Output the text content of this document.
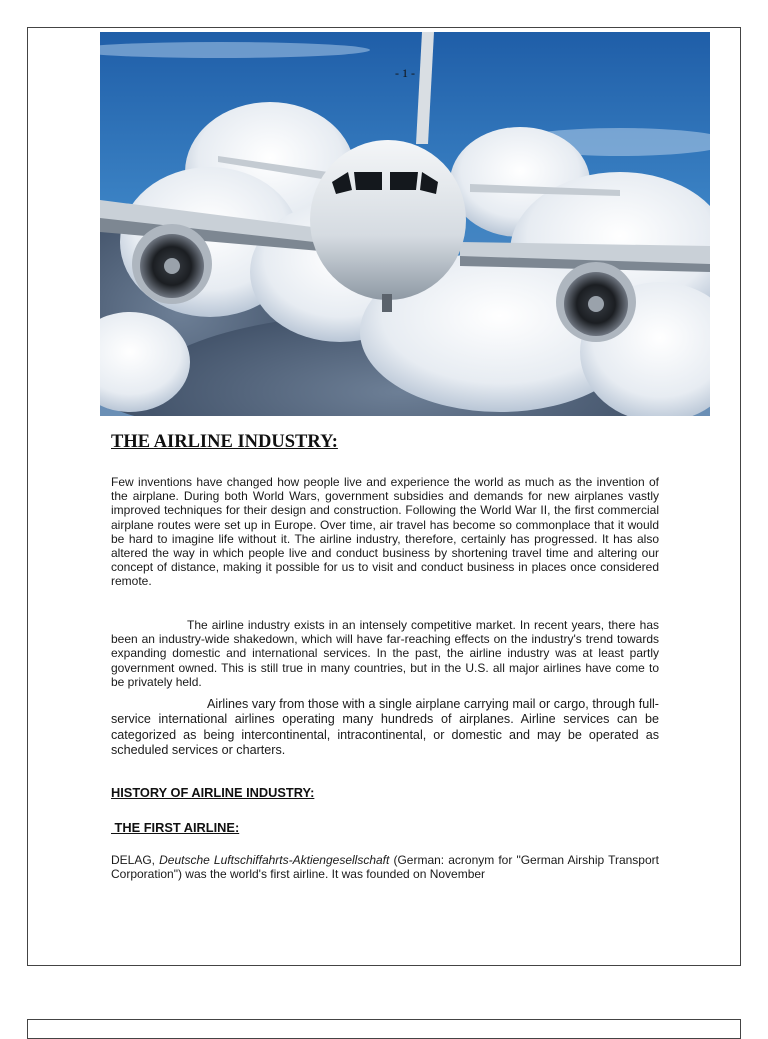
- 1 -
THE AIRLINE INDUSTRY:

Few inventions have changed how people live and experience the world as much as the invention of the airplane. During both World Wars, government subsidies and demands for new airplanes vastly improved techniques for their design and construction. Following the World War II, the first commercial airplane routes were set up in Europe. Over time, air travel has become so commonplace that it would be hard to imagine life without it. The airline industry, therefore, certainly has progressed. It has also altered the way in which people live and conduct business by shortening travel time and altering our concept of distance, making it possible for us to visit and conduct business in places once considered remote.

The airline industry exists in an intensely competitive market. In recent years, there has been an industry-wide shakedown, which will have far-reaching effects on the industry's trend towards expanding domestic and international services. In the past, the airline industry was at least partly government owned. This is still true in many countries, but in the U.S. all major airlines have come to be privately held.

Airlines vary from those with a single airplane carrying mail or cargo, through full-service international airlines operating many hundreds of airplanes. Airline services can be categorized as being intercontinental, intracontinental, or domestic and may be operated as scheduled services or charters.

HISTORY OF AIRLINE INDUSTRY:
THE FIRST AIRLINE:

DELAG, Deutsche Luftschiffahrts-Aktiengesellschaft (German: acronym for "German Airship Transport Corporation") was the world's first airline. It was founded on November
